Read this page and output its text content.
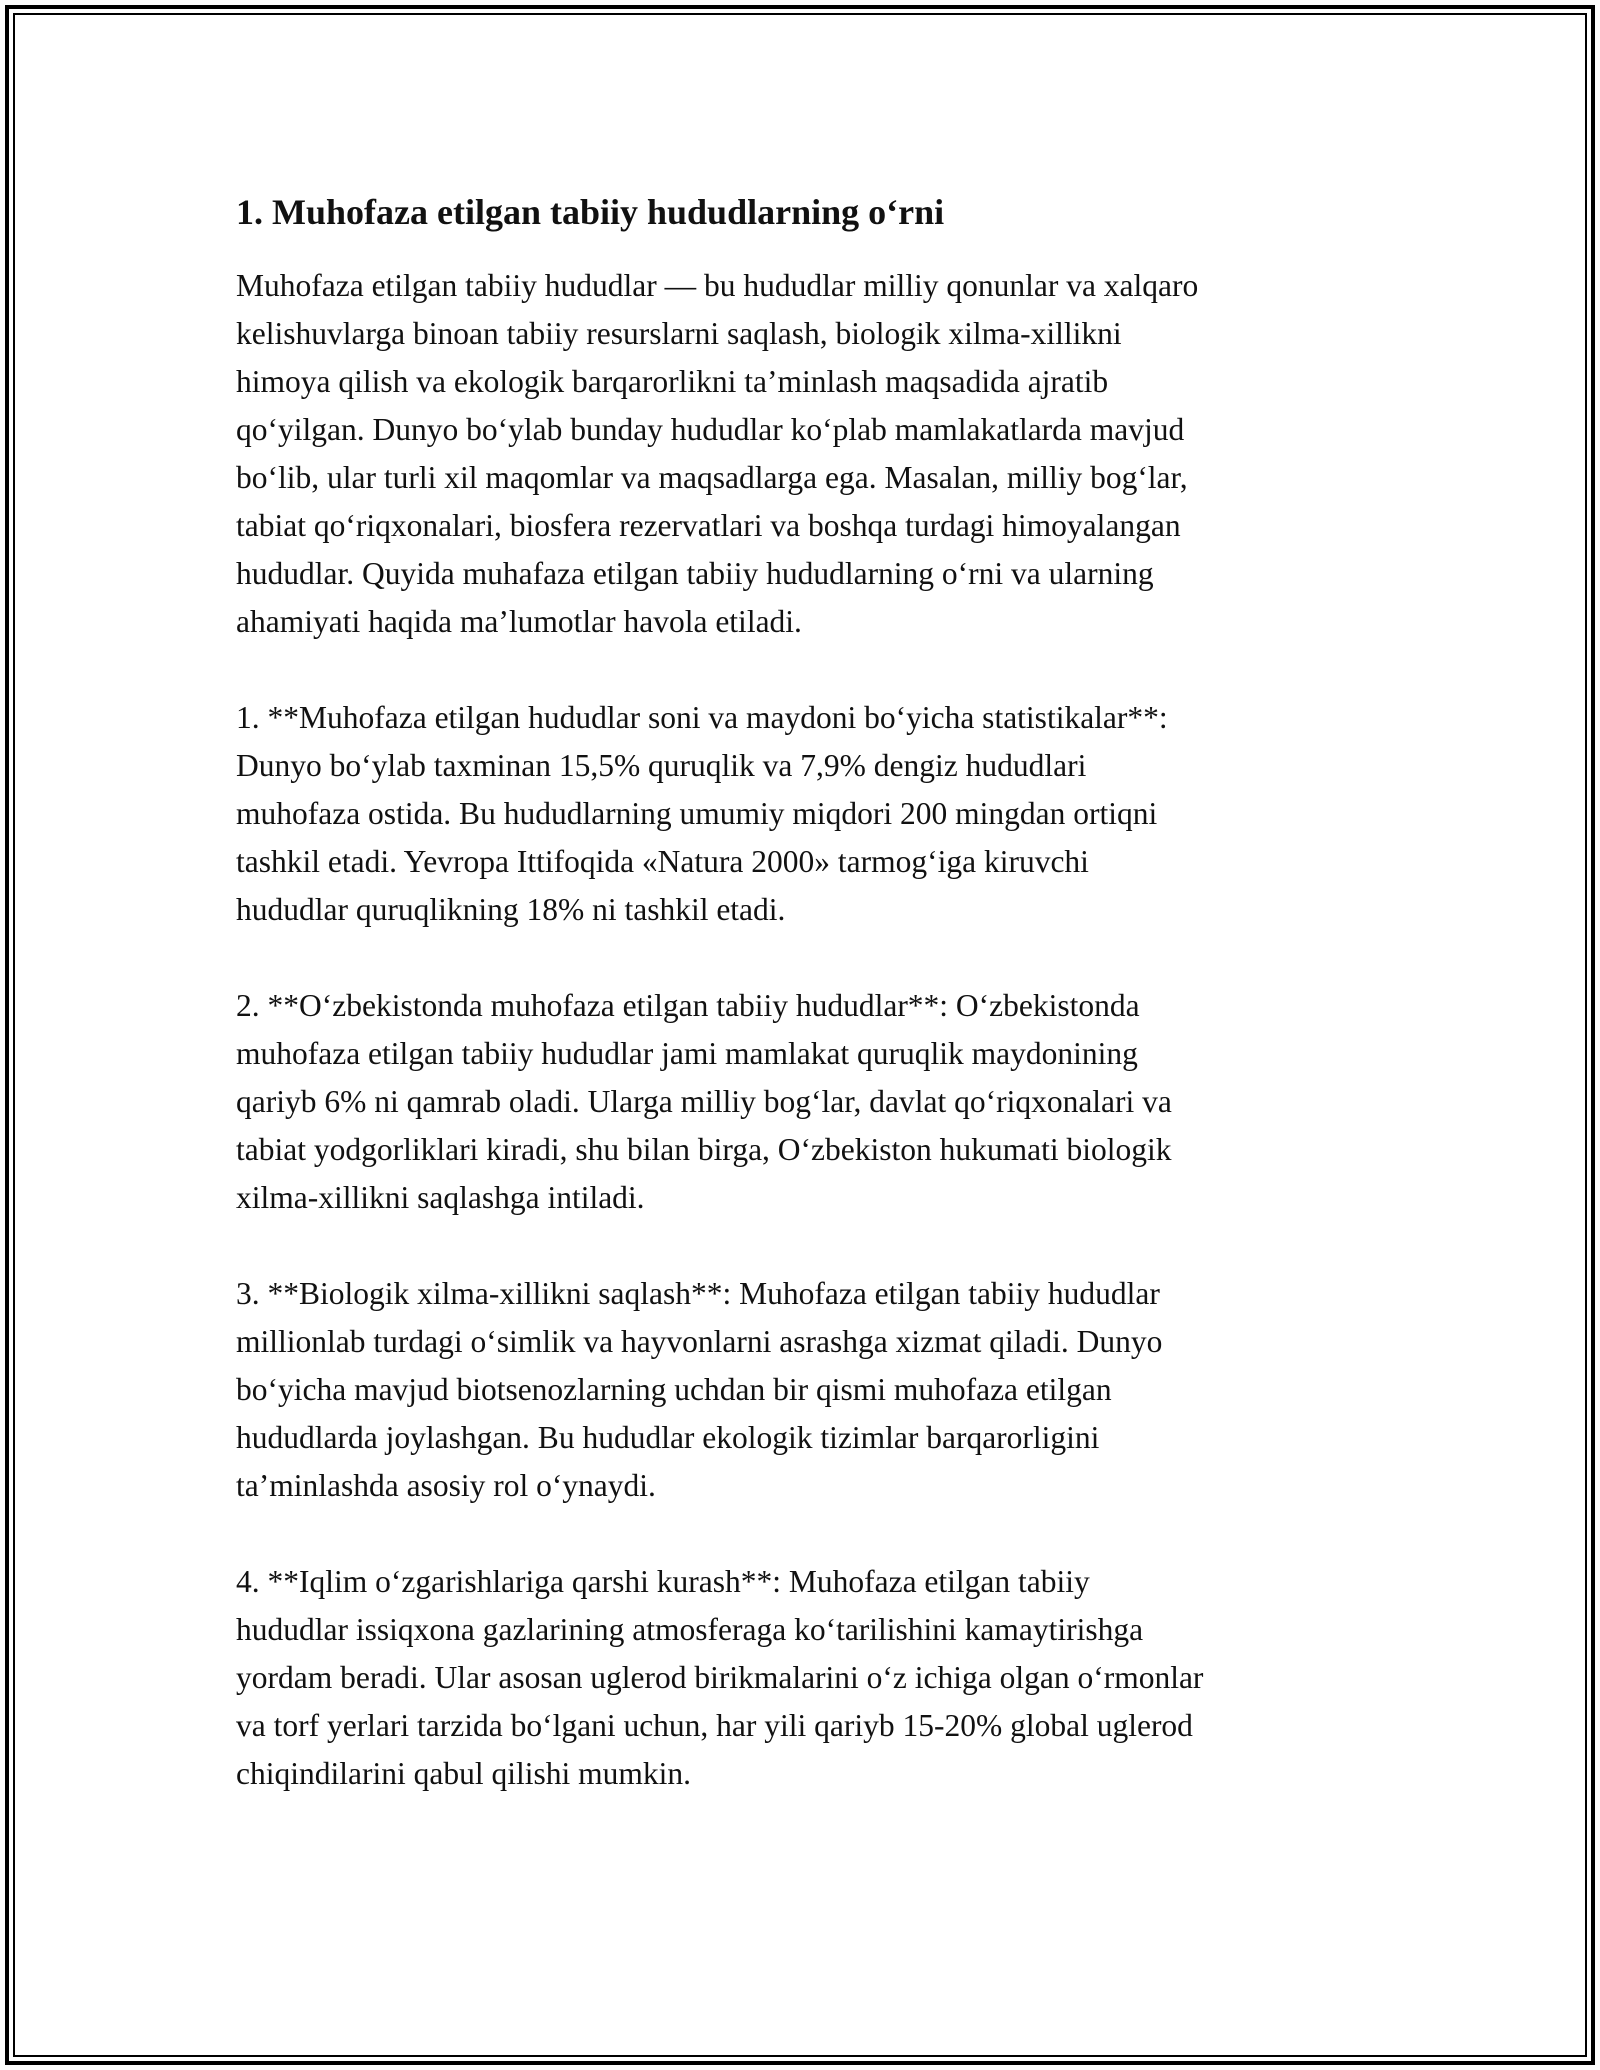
1. Muhofaza etilgan tabiiy hududlarning o‘rni

Muhofaza etilgan tabiiy hududlar — bu hududlar milliy qonunlar va xalqaro
kelishuvlarga binoan tabiiy resurslarni saqlash, biologik xilma-xillikni
himoya qilish va ekologik barqarorlikni ta’minlash maqsadida ajratib
qo‘yilgan. Dunyo bo‘ylab bunday hududlar ko‘plab mamlakatlarda mavjud
bo‘lib, ular turli xil maqomlar va maqsadlarga ega. Masalan, milliy bog‘lar,
tabiat qo‘riqxonalari, biosfera rezervatlari va boshqa turdagi himoyalangan
hududlar. Quyida muhafaza etilgan tabiiy hududlarning o‘rni va ularning
ahamiyati haqida ma’lumotlar havola etiladi.

1. **Muhofaza etilgan hududlar soni va maydoni bo‘yicha statistikalar**:
Dunyo bo‘ylab taxminan 15,5% quruqlik va 7,9% dengiz hududlari
muhofaza ostida. Bu hududlarning umumiy miqdori 200 mingdan ortiqni
tashkil etadi. Yevropa Ittifoqida «Natura 2000» tarmog‘iga kiruvchi
hududlar quruqlikning 18% ni tashkil etadi.

2. **O‘zbekistonda muhofaza etilgan tabiiy hududlar**: O‘zbekistonda
muhofaza etilgan tabiiy hududlar jami mamlakat quruqlik maydonining
qariyb 6% ni qamrab oladi. Ularga milliy bog‘lar, davlat qo‘riqxonalari va
tabiat yodgorliklari kiradi, shu bilan birga, O‘zbekiston hukumati biologik
xilma-xillikni saqlashga intiladi.

3. **Biologik xilma-xillikni saqlash**: Muhofaza etilgan tabiiy hududlar
millionlab turdagi o‘simlik va hayvonlarni asrashga xizmat qiladi. Dunyo
bo‘yicha mavjud biotsenozlarning uchdan bir qismi muhofaza etilgan
hududlarda joylashgan. Bu hududlar ekologik tizimlar barqarorligini
ta’minlashda asosiy rol o‘ynaydi.

4. **Iqlim o‘zgarishlariga qarshi kurash**: Muhofaza etilgan tabiiy
hududlar issiqxona gazlarining atmosferaga ko‘tarilishini kamaytirishga
yordam beradi. Ular asosan uglerod birikmalarini o‘z ichiga olgan o‘rmonlar
va torf yerlari tarzida bo‘lgani uchun, har yili qariyb 15-20% global uglerod
chiqindilarini qabul qilishi mumkin.
